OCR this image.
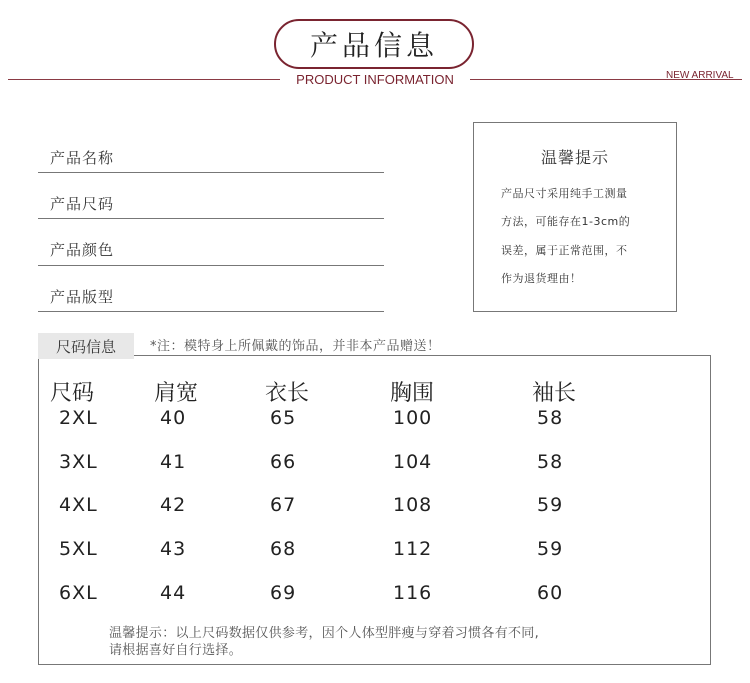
产品信息
PRODUCT INFORMATION	NEW ARRIVAL
产品名称
产品尺码
产品颜色
产品版型
温馨提示
产品尺寸采用纯手工测量
方法，可能存在1-3cm的
误差，属于正常范围，不
作为退货理由！
尺码信息	*注：模特身上所佩戴的饰品，并非本产品赠送！
尺码	肩宽	衣长	胸围	袖长
2XL	40	65	100	58
3XL	41	66	104	58
4XL	42	67	108	59
5XL	43	68	112	59
6XL	44	69	116	60
温馨提示：以上尺码数据仅供参考，因个人体型胖瘦与穿着习惯各有不同,
请根据喜好自行选择。
